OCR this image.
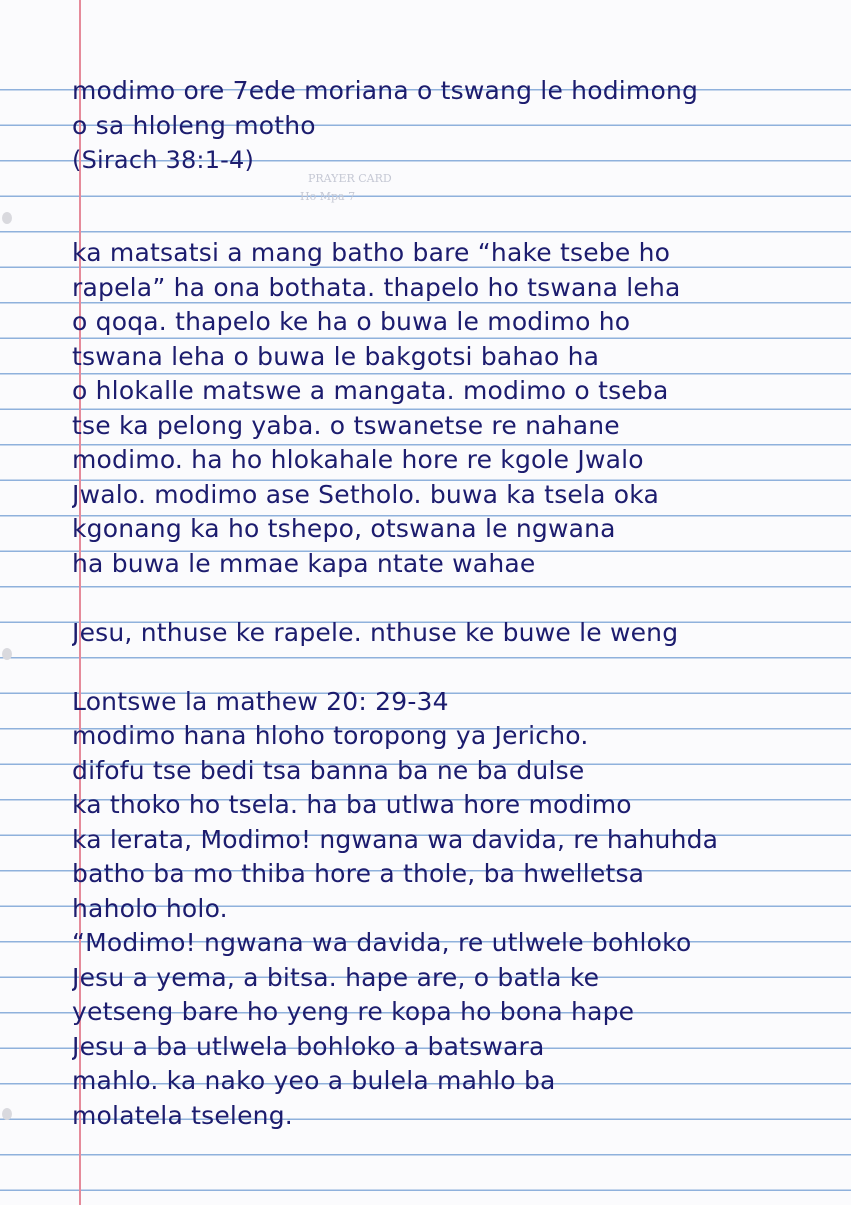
PRAYER CARD
Ho Mpa 7
modimo ore 7ede moriana o tswang le hodimong
o sa hloleng motho
(Sirach 38:1-4)
ka matsatsi a mang batho bare “hake tsebe ho
rapela” ha ona bothata. thapelo ho tswana leha
o qoqa. thapelo ke ha o buwa le modimo ho
tswana leha o buwa le bakgotsi bahao ha
o hlokalle matswe a mangata. modimo o tseba
tse ka pelong yaba. o tswanetse re nahane
modimo. ha ho hlokahale hore re kgole Jwalo
Jwalo. modimo ase Setholo. buwa ka tsela oka
kgonang ka ho tshepo, otswana le ngwana
ha buwa le mmae kapa ntate wahae
Jesu, nthuse ke rapele. nthuse ke buwe le weng
Lontswe la mathew 20: 29-34
modimo hana hloho toropong ya Jericho.
difofu tse bedi tsa banna ba ne ba dulse
ka thoko ho tsela. ha ba utlwa hore modimo
ka lerata, Modimo! ngwana wa davida, re hahuhda
batho ba mo thiba hore a thole, ba hwelletsa
haholo holo.
“Modimo! ngwana wa davida, re utlwele bohloko
Jesu a yema, a bitsa. hape are, o batla ke
yetseng bare ho yeng re kopa ho bona hape
Jesu a ba utlwela bohloko a batswara
mahlo. ka nako yeo a bulela mahlo ba
molatela tseleng.
